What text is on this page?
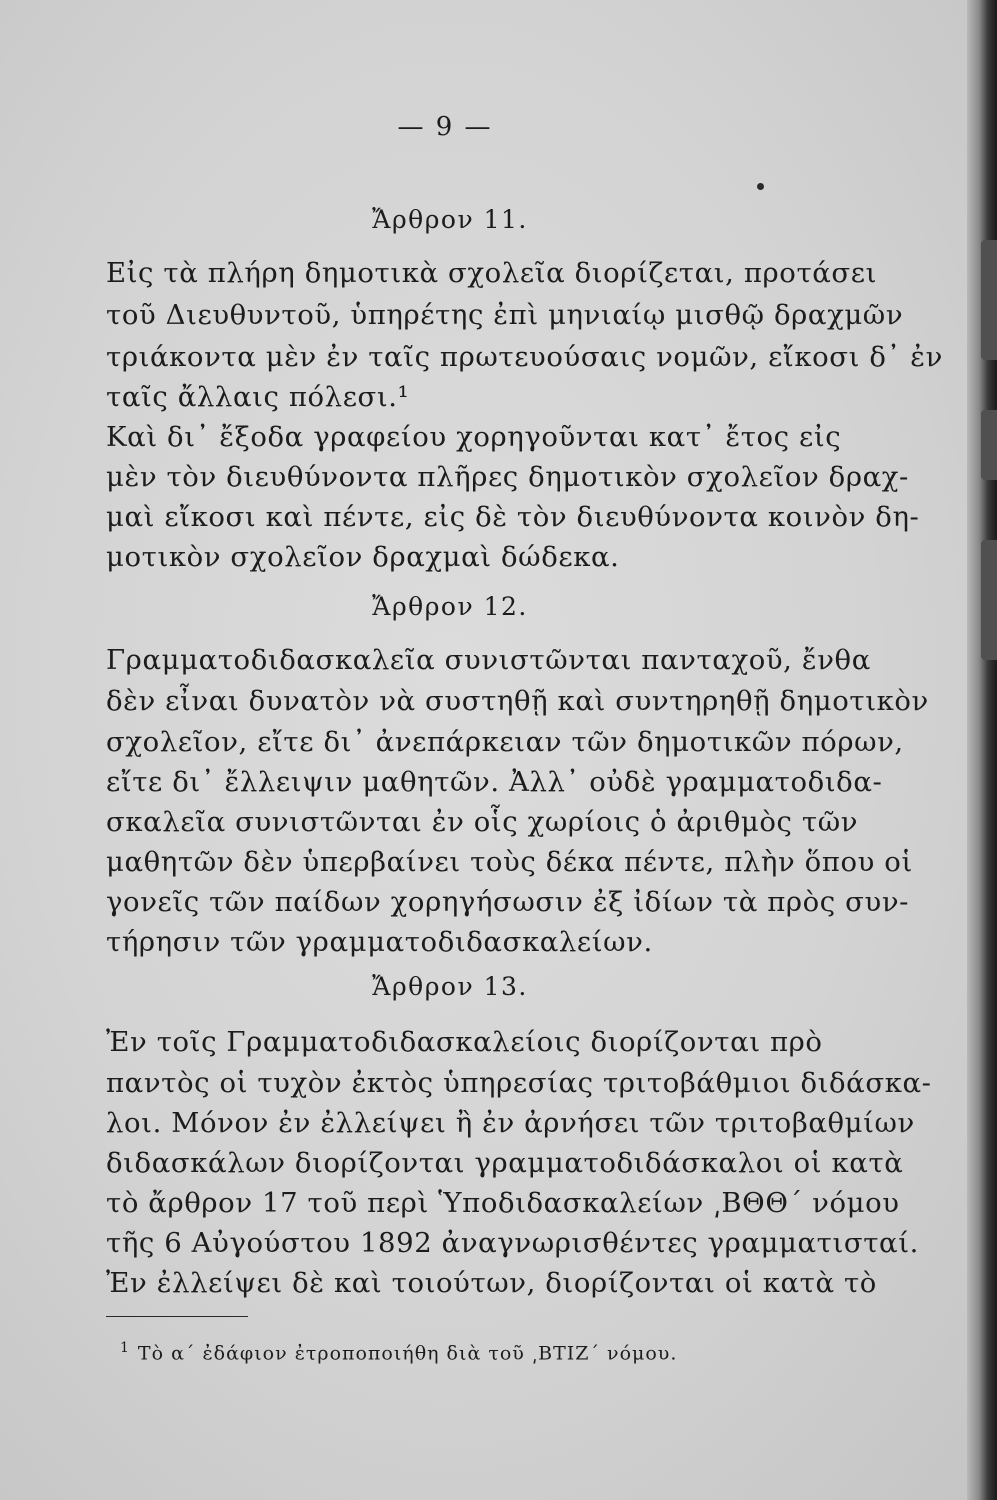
— 9 —
Ἄρθρον 11.
Εἰς τὰ πλήρη δημοτικὰ σχολεῖα διορίζεται, προτάσει
τοῦ Διευθυντοῦ, ὑπηρέτης ἐπὶ μηνιαίῳ μισθῷ δραχμῶν
τριάκοντα μὲν ἐν ταῖς πρωτευούσαις νομῶν, εἴκοσι δ᾿ ἐν
ταῖς ἄλλαις πόλεσι.¹
Καὶ δι᾿ ἔξοδα γραφείου χορηγοῦνται κατ᾿ ἔτος εἰς
μὲν τὸν διευθύνοντα πλῆρες δημοτικὸν σχολεῖον δραχ-
μαὶ εἴκοσι καὶ πέντε, εἰς δὲ τὸν διευθύνοντα κοινὸν δη-
μοτικὸν σχολεῖον δραχμαὶ δώδεκα.
Ἄρθρον 12.
Γραμματοδιδασκαλεῖα συνιστῶνται πανταχοῦ, ἔνθα
δὲν εἶναι δυνατὸν νὰ συστηθῇ καὶ συντηρηθῇ δημοτικὸν
σχολεῖον, εἴτε δι᾿ ἀνεπάρκειαν τῶν δημοτικῶν πόρων,
εἴτε δι᾿ ἔλλειψιν μαθητῶν. Ἀλλ᾿ οὐδὲ γραμματοδιδα-
σκαλεῖα συνιστῶνται ἐν οἷς χωρίοις ὁ ἀριθμὸς τῶν
μαθητῶν δὲν ὑπερβαίνει τοὺς δέκα πέντε, πλὴν ὅπου οἱ
γονεῖς τῶν παίδων χορηγήσωσιν ἐξ ἰδίων τὰ πρὸς συν-
τήρησιν τῶν γραμματοδιδασκαλείων.
Ἄρθρον 13.
Ἐν τοῖς Γραμματοδιδασκαλείοις διορίζονται πρὸ
παντὸς οἱ τυχὸν ἐκτὸς ὑπηρεσίας τριτοβάθμιοι διδάσκα-
λοι. Μόνον ἐν ἐλλείψει ἢ ἐν ἀρνήσει τῶν τριτοβαθμίων
διδασκάλων διορίζονται γραμματοδιδάσκαλοι οἱ κατὰ
τὸ ἄρθρον 17 τοῦ περὶ Ὑποδιδασκαλείων ͵ΒΘΘ΄ νόμου
τῆς 6 Αὐγούστου 1892 ἀναγνωρισθέντες γραμματισταί.
Ἐν ἐλλείψει δὲ καὶ τοιούτων, διορίζονται οἱ κατὰ τὸ
$^1$ Τὸ α΄ ἐδάφιον ἐτροποποιήθη διὰ τοῦ ͵ΒΤΙΖ΄ νόμου.
